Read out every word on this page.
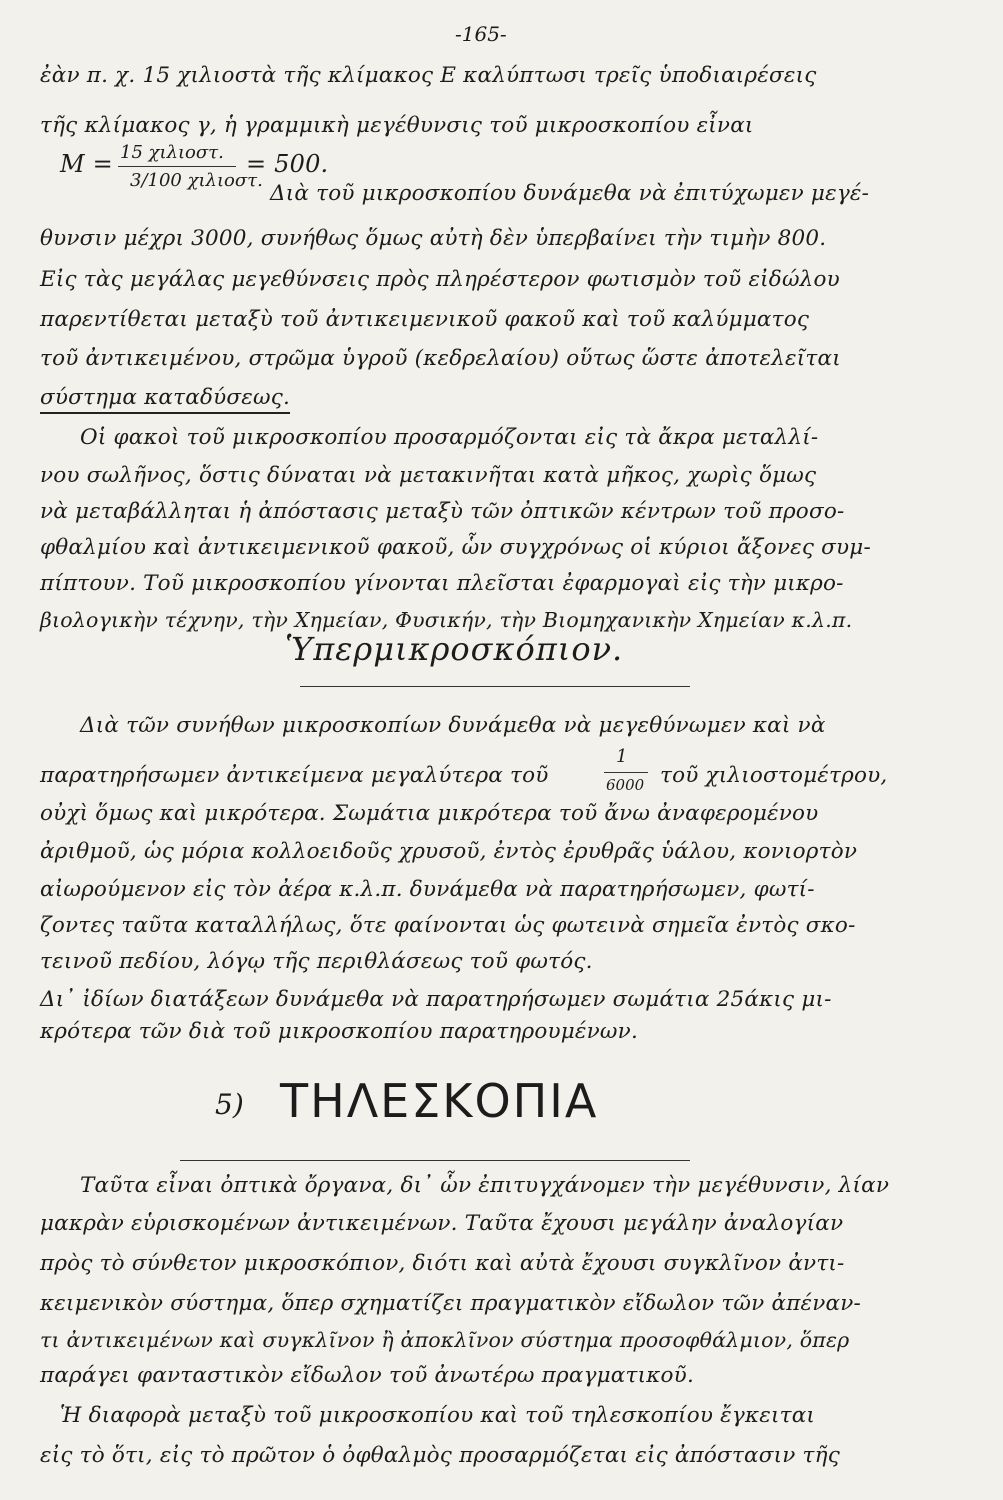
-165-
ἐὰν π. χ. 15 χιλιοστὰ τῆς κλίμακος Ε καλύπτωσι τρεῖς ὑποδιαιρέσεις
τῆς κλίμακος γ, ἡ γραμμικὴ μεγέθυνσις τοῦ μικροσκοπίου εἶναι
Μ = 15 χιλιοστ.
3/100 χιλιοστ.
= 500.
Διὰ τοῦ μικροσκοπίου δυνάμεθα νὰ ἐπιτύχωμεν μεγέ-
θυνσιν μέχρι 3000, συνήθως ὅμως αὐτὴ δὲν ὑπερβαίνει τὴν τιμὴν 800.
Εἰς τὰς μεγάλας μεγεθύνσεις πρὸς πληρέστερον φωτισμὸν τοῦ εἰδώλου
παρεντίθεται μεταξὺ τοῦ ἀντικειμενικοῦ φακοῦ καὶ τοῦ καλύμματος
τοῦ ἀντικειμένου, στρῶμα ὑγροῦ (κεδρελαίου) οὕτως ὥστε ἀποτελεῖται
σύστημα καταδύσεως.
Οἱ φακοὶ τοῦ μικροσκοπίου προσαρμόζονται εἰς τὰ ἄκρα μεταλλί-
νου σωλῆνος, ὅστις δύναται νὰ μετακινῆται κατὰ μῆκος, χωρὶς ὅμως
νὰ μεταβάλληται ἡ ἀπόστασις μεταξὺ τῶν ὀπτικῶν κέντρων τοῦ προσο-
φθαλμίου καὶ ἀντικειμενικοῦ φακοῦ, ὧν συγχρόνως οἱ κύριοι ἄξονες συμ-
πίπτουν. Τοῦ μικροσκοπίου γίνονται πλεῖσται ἐφαρμογαὶ εἰς τὴν μικρο-
βιολογικὴν τέχνην, τὴν Χημείαν, Φυσικήν, τὴν Βιομηχανικὴν Χημείαν κ.λ.π.
Ὑπερμικροσκόπιον.
Διὰ τῶν συνήθων μικροσκοπίων δυνάμεθα νὰ μεγεθύνωμεν καὶ νὰ
παρατηρήσωμεν ἀντικείμενα μεγαλύτερα τοῦ
1
6000 τοῦ χιλιοστομέτρου,
οὐχὶ ὅμως καὶ μικρότερα. Σωμάτια μικρότερα τοῦ ἄνω ἀναφερομένου
ἀριθμοῦ, ὡς μόρια κολλοειδοῦς χρυσοῦ, ἐντὸς ἐρυθρᾶς ὑάλου, κονιορτὸν
αἰωρούμενον εἰς τὸν ἀέρα κ.λ.π. δυνάμεθα νὰ παρατηρήσωμεν, φωτί-
ζοντες ταῦτα καταλλήλως, ὅτε φαίνονται ὡς φωτεινὰ σημεῖα ἐντὸς σκο-
τεινοῦ πεδίου, λόγῳ τῆς περιθλάσεως τοῦ φωτός.
Δι᾿ ἰδίων διατάξεων δυνάμεθα νὰ παρατηρήσωμεν σωμάτια 25άκις μι-
κρότερα τῶν διὰ τοῦ μικροσκοπίου παρατηρουμένων.
5) ΤΗΛΕΣΚΟΠΙΑ
Ταῦτα εἶναι ὀπτικὰ ὄργανα, δι᾿ ὧν ἐπιτυγχάνομεν τὴν μεγέθυνσιν, λίαν
μακρὰν εὑρισκομένων ἀντικειμένων. Ταῦτα ἔχουσι μεγάλην ἀναλογίαν
πρὸς τὸ σύνθετον μικροσκόπιον, διότι καὶ αὐτὰ ἔχουσι συγκλῖνον ἀντι-
κειμενικὸν σύστημα, ὅπερ σχηματίζει πραγματικὸν εἴδωλον τῶν ἀπέναν-
τι ἀντικειμένων καὶ συγκλῖνον ἢ ἀποκλῖνον σύστημα προσοφθάλμιον, ὅπερ
παράγει φανταστικὸν εἴδωλον τοῦ ἀνωτέρω πραγματικοῦ.
Ἡ διαφορὰ μεταξὺ τοῦ μικροσκοπίου καὶ τοῦ τηλεσκοπίου ἔγκειται
εἰς τὸ ὅτι, εἰς τὸ πρῶτον ὁ ὀφθαλμὸς προσαρμόζεται εἰς ἀπόστασιν τῆς
